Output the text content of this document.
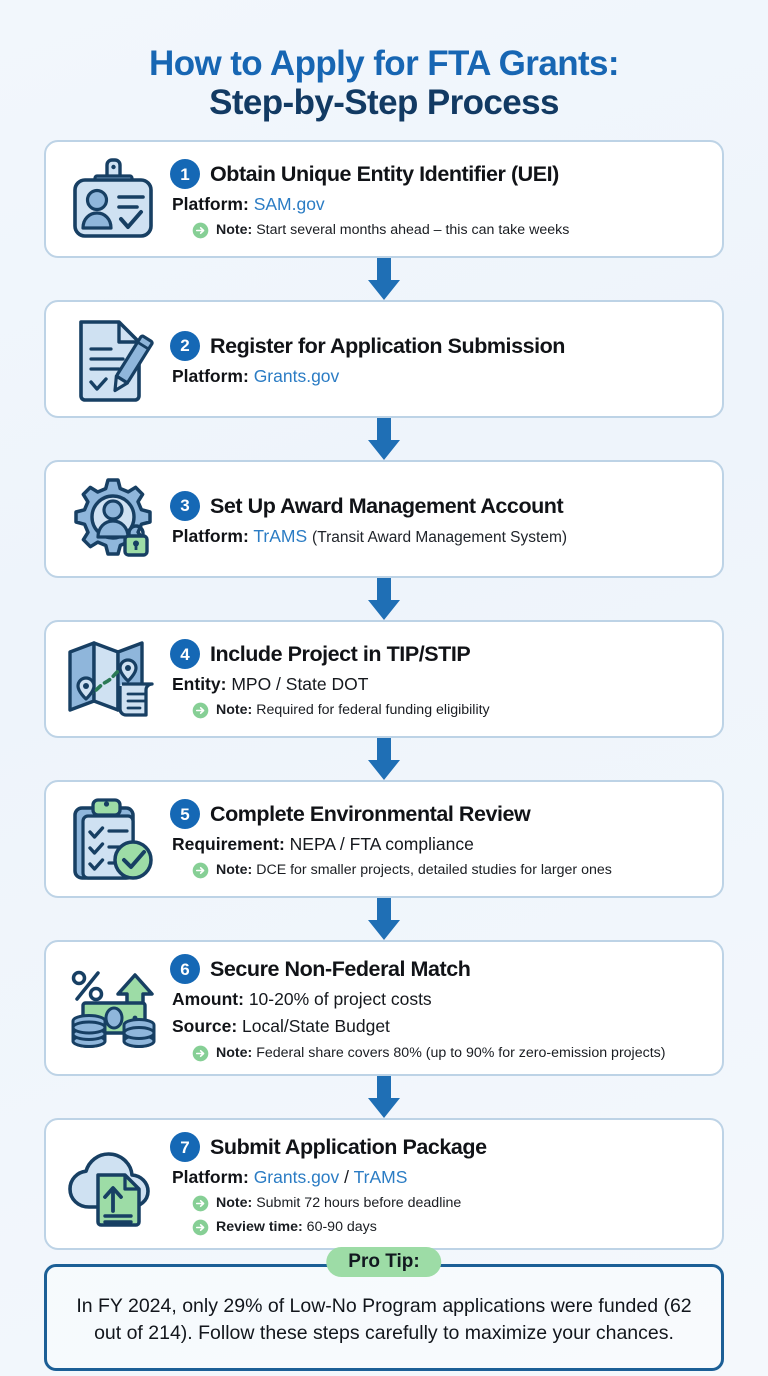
How to Apply for FTA Grants:
Step-by-Step Process
1 Obtain Unique Entity Identifier (UEI)
Platform: SAM.gov
Note: Start several months ahead – this can take weeks
2 Register for Application Submission
Platform: Grants.gov
3 Set Up Award Management Account
Platform: TrAMS (Transit Award Management System)
4 Include Project in TIP/STIP
Entity: MPO / State DOT
Note: Required for federal funding eligibility
5 Complete Environmental Review
Requirement: NEPA / FTA compliance
Note: DCE for smaller projects, detailed studies for larger ones
6 Secure Non-Federal Match
Amount: 10-20% of project costs
Source: Local/State Budget
Note: Federal share covers 80% (up to 90% for zero-emission projects)
7 Submit Application Package
Platform: Grants.gov / TrAMS
Note: Submit 72 hours before deadline
Review time: 60-90 days
Pro Tip:
In FY 2024, only 29% of Low-No Program applications were funded (62 out of 214). Follow these steps carefully to maximize your chances.
